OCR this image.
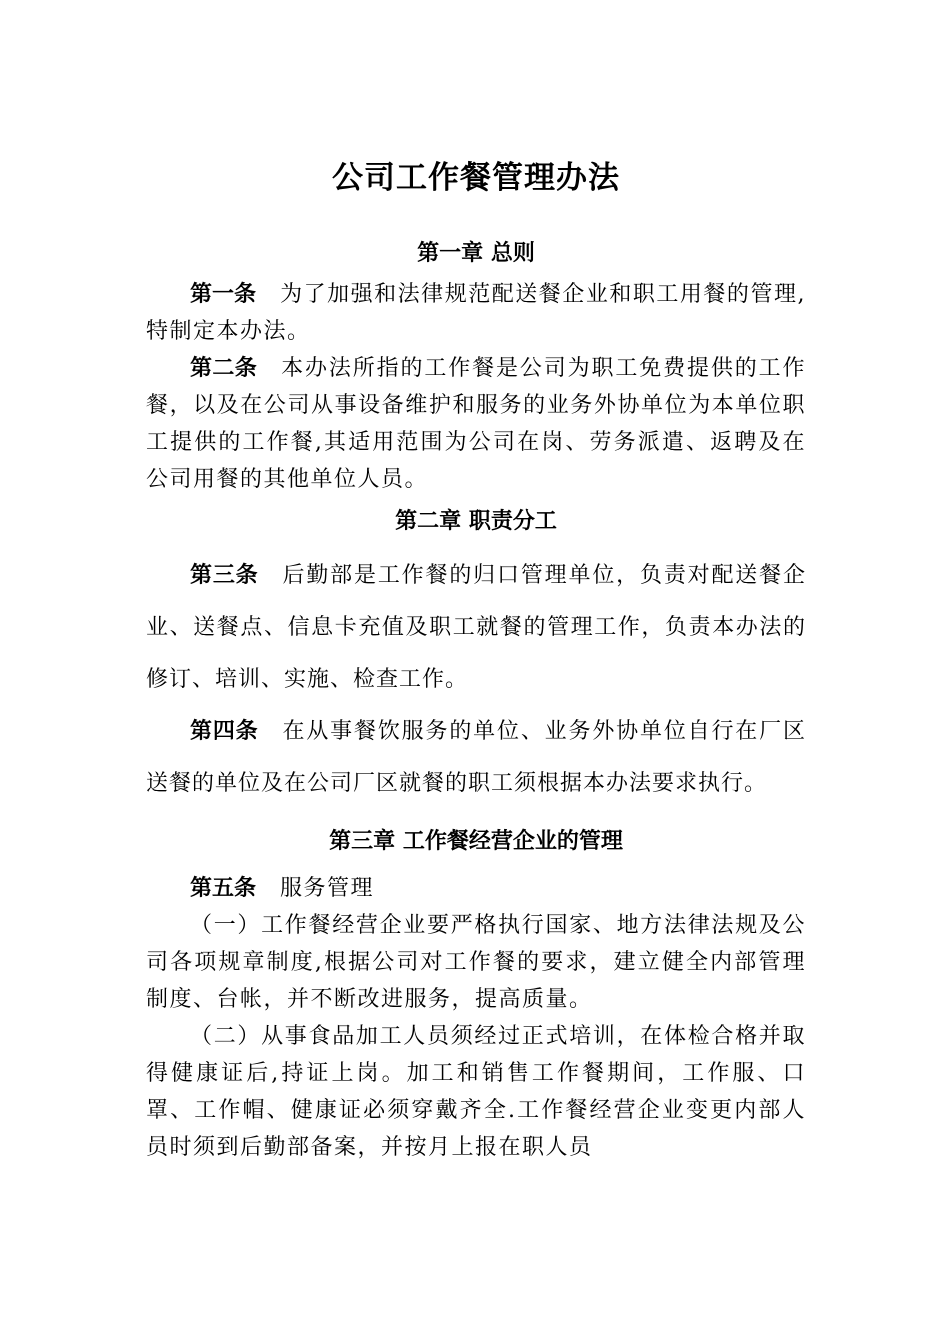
公司工作餐管理办法
第一章 总则

第一条 为了加强和法律规范配送餐企业和职工用餐的管理,特制定本办法。

第二条 本办法所指的工作餐是公司为职工免费提供的工作餐，以及在公司从事设备维护和服务的业务外协单位为本单位职工提供的工作餐,其适用范围为公司在岗、劳务派遣、返聘及在公司用餐的其他单位人员。

第二章 职责分工

第三条 后勤部是工作餐的归口管理单位，负责对配送餐企业、送餐点、信息卡充值及职工就餐的管理工作，负责本办法的修订、培训、实施、检查工作。

第四条 在从事餐饮服务的单位、业务外协单位自行在厂区送餐的单位及在公司厂区就餐的职工须根据本办法要求执行。

第三章 工作餐经营企业的管理

第五条 服务管理

（一）工作餐经营企业要严格执行国家、地方法律法规及公司各项规章制度,根据公司对工作餐的要求，建立健全内部管理制度、台帐，并不断改进服务，提高质量。

（二）从事食品加工人员须经过正式培训，在体检合格并取得健康证后,持证上岗。加工和销售工作餐期间，工作服、口罩、工作帽、健康证必须穿戴齐全.工作餐经营企业变更内部人员时须到后勤部备案，并按月上报在职人员
